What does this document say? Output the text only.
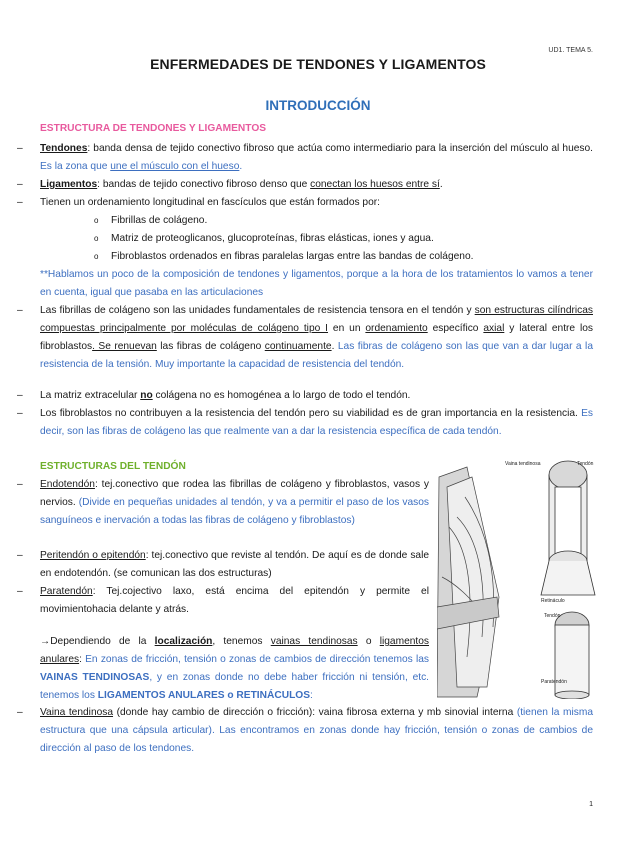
UD1. TEMA 5.
ENFERMEDADES DE TENDONES Y LIGAMENTOS
INTRODUCCIÓN
ESTRUCTURA DE TENDONES Y LIGAMENTOS
– Tendones: banda densa de tejido conectivo fibroso que actúa como intermediario para la inserción del músculo al hueso. Es la zona que une el músculo con el hueso.
– Ligamentos: bandas de tejido conectivo fibroso denso que conectan los huesos entre sí.
– Tienen un ordenamiento longitudinal en fascículos que están formados por:
o Fibrillas de colágeno.
o Matriz de proteoglicanos, glucoproteínas, fibras elásticas, iones y agua.
o Fibroblastos ordenados en fibras paralelas largas entre las bandas de colágeno.
**Hablamos un poco de la composición de tendones y ligamentos, porque a la hora de los tratamientos lo vamos a tener en cuenta, igual que pasaba en las articulaciones
– Las fibrillas de colágeno son las unidades fundamentales de resistencia tensora en el tendón y son estructuras cilíndricas compuestas principalmente por moléculas de colágeno tipo I en un ordenamiento específico axial y lateral entre los fibroblastos. Se renuevan las fibras de colágeno continuamente. Las fibras de colágeno son las que van a dar lugar a la resistencia de la tensión. Muy importante la capacidad de resistencia del tendón.
– La matriz extracelular no colágena no es homogénea a lo largo de todo el tendón.
– Los fibroblastos no contribuyen a la resistencia del tendón pero su viabilidad es de gran importancia en la resistencia. Es decir, son las fibras de colágeno las que realmente van a dar la resistencia específica de cada tendón.
ESTRUCTURAS DEL TENDÓN
– Endotendón: tej.conectivo que rodea las fibrillas de colágeno y fibroblastos, vasos y nervios. (Divide en pequeñas unidades al tendón, y va a permitir el paso de los vasos sanguíneos e inervación a todas las fibras de colágeno y fibroblastos)
– Peritendón o epitendón: tej.conectivo que reviste al tendón. De aquí es de donde sale en endotendón. (se comunican las dos estructuras)
– Paratendón: Tej.cojectivo laxo, está encima del epitendón y permite el movimientohacia delante y atrás.
→Dependiendo de la localización, tenemos vainas tendinosas o ligamentos anulares: En zonas de fricción, tensión o zonas de cambios de dirección tenemos las VAINAS TENDINOSAS, y en zonas donde no debe haber fricción ni tensión, etc. tenemos los LIGAMENTOS ANULARES o RETINÁCULOS:
– Vaina tendinosa (donde hay cambio de dirección o fricción): vaina fibrosa externa y mb sinovial interna (tienen la misma estructura que una cápsula articular). Las encontramos en zonas donde hay fricción, tensión o zonas de cambios de dirección al paso de los tendones.
Vaina tendinosa	Tendón
Retináculo
Tendón
Paratendón
1
